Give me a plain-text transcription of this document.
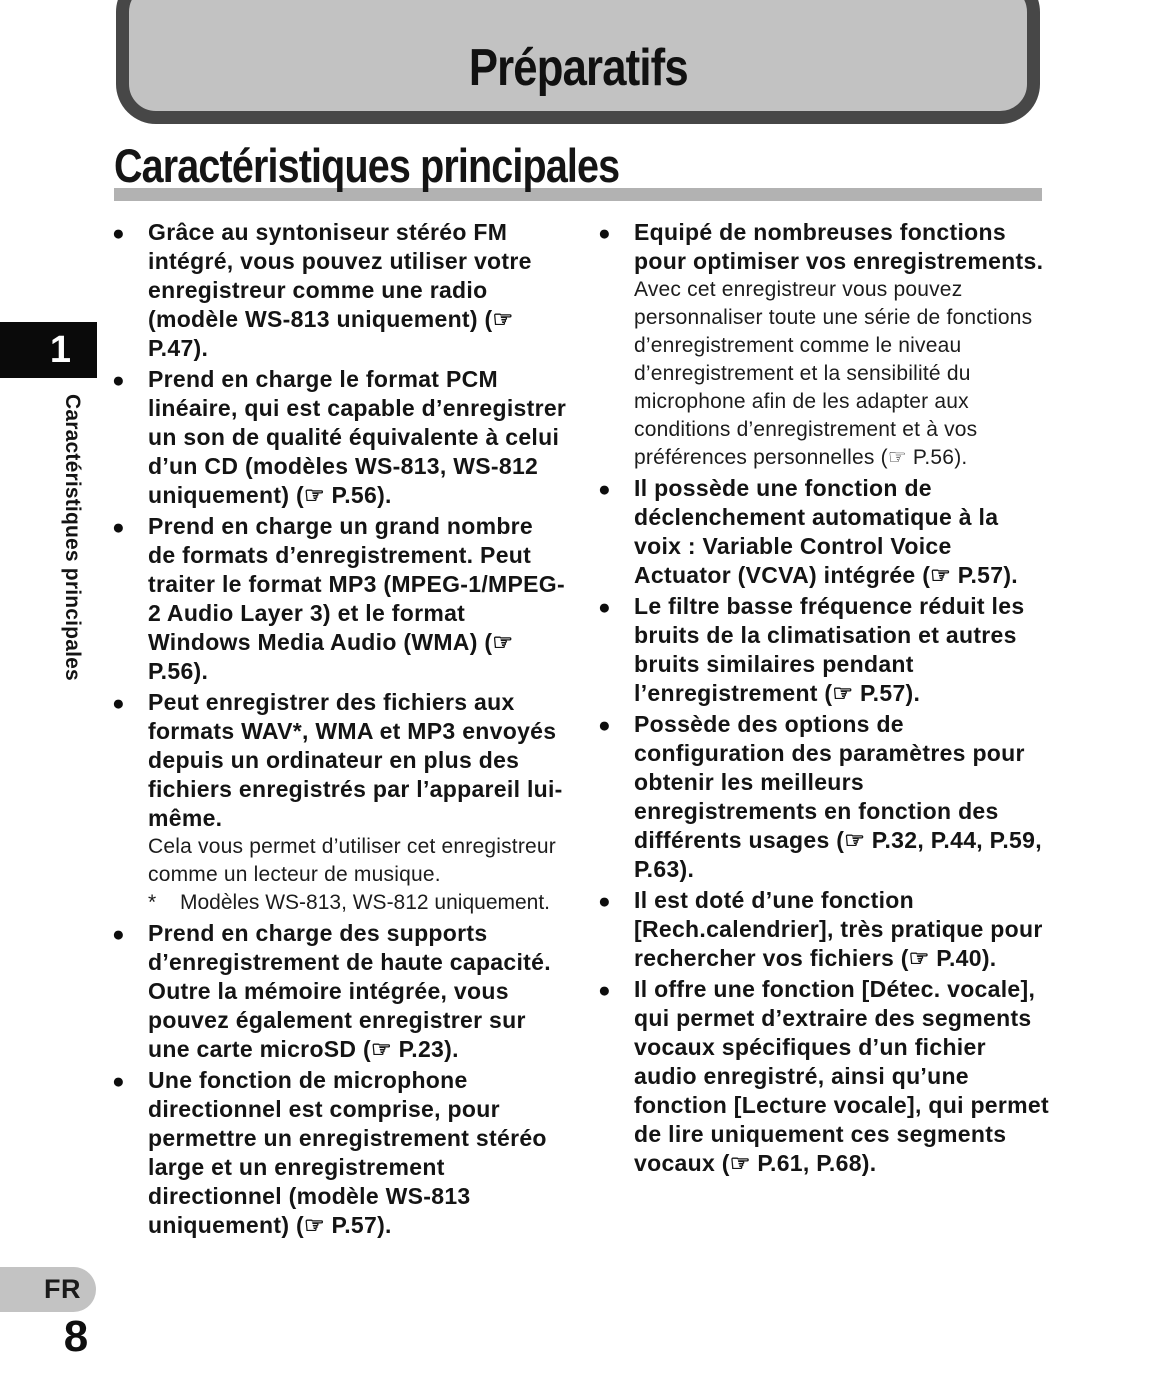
Préparatifs
Caractéristiques principales
1
Caractéristiques principales
●	Grâce au syntoniseur stéréo FM intégré, vous pouvez utiliser votre enregistreur comme une radio (modèle WS-813 uniquement) (☞ P.47).
●	Prend en charge le format PCM linéaire, qui est capable d’enregistrer un son de qualité équivalente à celui d’un CD (modèles WS-813, WS-812 uniquement) (☞ P.56).
●	Prend en charge un grand nombre de formats d’enregistrement. Peut traiter le format MP3 (MPEG-1/MPEG-2 Audio Layer 3) et le format Windows Media Audio (WMA) (☞ P.56).
●	Peut enregistrer des fichiers aux formats WAV*, WMA et MP3 envoyés depuis un ordinateur en plus des fichiers enregistrés par l’appareil lui-même.
Cela vous permet d’utiliser cet enregistreur comme un lecteur de musique.
*	Modèles WS-813, WS-812 uniquement.
●	Prend en charge des supports d’enregistrement de haute capacité. Outre la mémoire intégrée, vous pouvez également enregistrer sur une carte microSD (☞ P.23).
●	Une fonction de microphone directionnel est comprise, pour permettre un enregistrement stéréo large et un enregistrement directionnel (modèle WS-813 uniquement) (☞ P.57).
●	Equipé de nombreuses fonctions pour optimiser vos enregistrements.
Avec cet enregistreur vous pouvez personnaliser toute une série de fonctions d’enregistrement comme le niveau d’enregistrement et la sensibilité du microphone afin de les adapter aux conditions d’enregistrement et à vos préférences personnelles (☞ P.56).
●	Il possède une fonction de déclenchement automatique à la voix : Variable Control Voice Actuator (VCVA) intégrée (☞ P.57).
●	Le filtre basse fréquence réduit les bruits de la climatisation et autres bruits similaires pendant l’enregistrement (☞ P.57).
●	Possède des options de configuration des paramètres pour obtenir les meilleurs enregistrements en fonction des différents usages (☞ P.32, P.44, P.59, P.63).
●	Il est doté d’une fonction [Rech.calendrier], très pratique pour rechercher vos fichiers (☞ P.40).
●	Il offre une fonction [Détec. vocale], qui permet d’extraire des segments vocaux spécifiques d’un fichier audio enregistré, ainsi qu’une fonction [Lecture vocale], qui permet de lire uniquement ces segments vocaux (☞ P.61, P.68).
FR
8
